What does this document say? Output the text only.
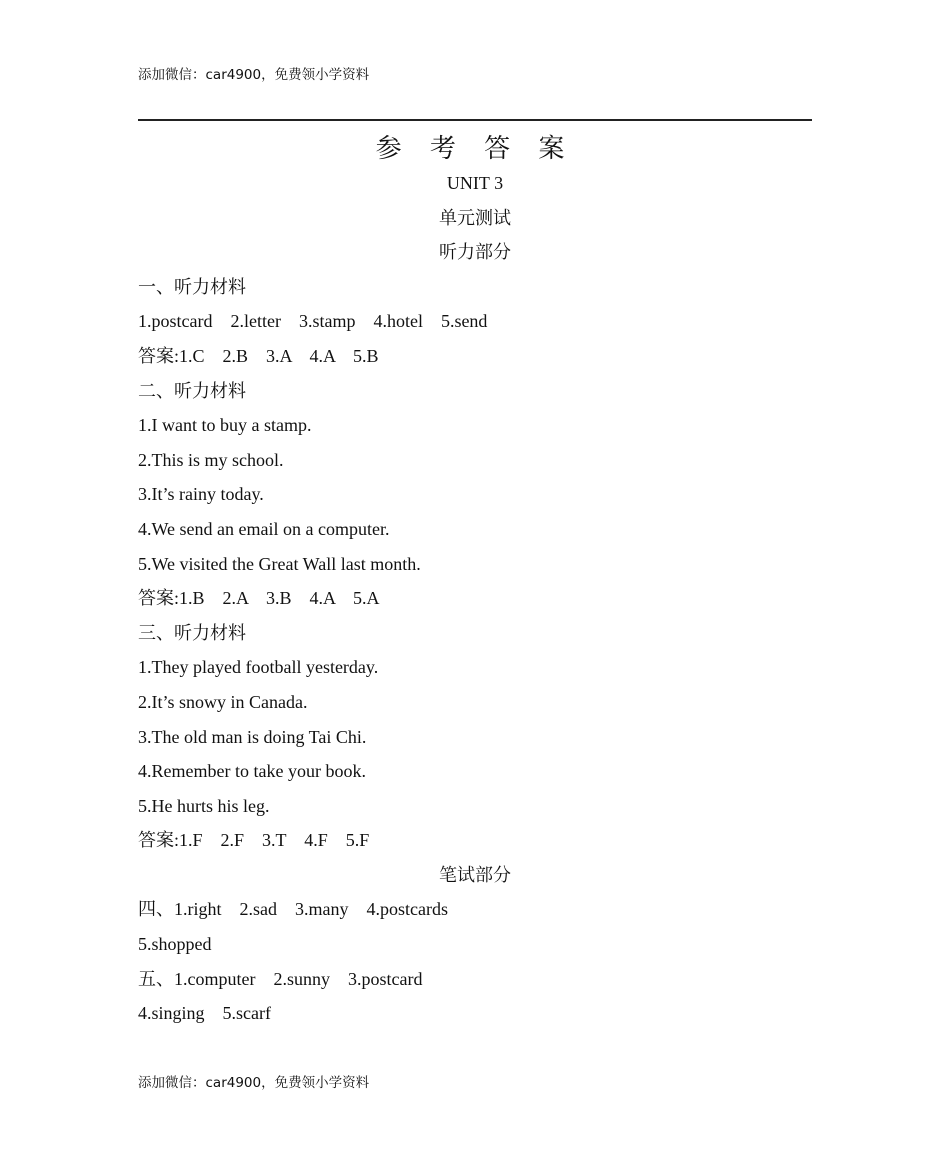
添加微信：car4900，免费领小学资料
参 考 答 案
UNIT 3
单元测试
听力部分
一、听力材料
1.postcard    2.letter    3.stamp    4.hotel    5.send
答案:1.C    2.B    3.A    4.A    5.B
二、听力材料
1.I want to buy a stamp.
2.This is my school.
3.It’s rainy today.
4.We send an email on a computer.
5.We visited the Great Wall last month.
答案:1.B    2.A    3.B    4.A    5.A
三、听力材料
1.They played football yesterday.
2.It’s snowy in Canada.
3.The old man is doing Tai Chi.
4.Remember to take your book.
5.He hurts his leg.
答案:1.F    2.F    3.T    4.F    5.F
笔试部分
四、1.right    2.sad    3.many    4.postcards
5.shopped
五、1.computer    2.sunny    3.postcard
4.singing    5.scarf
添加微信：car4900，免费领小学资料
